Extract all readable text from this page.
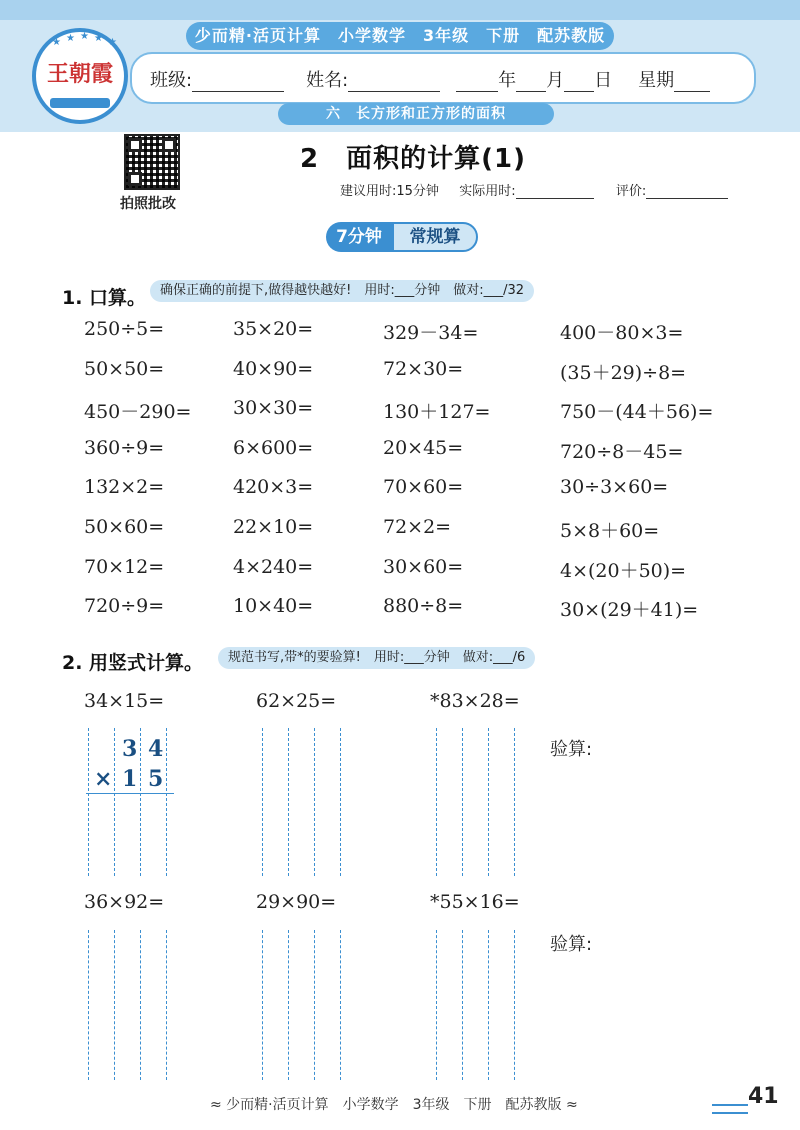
★ ★ ★ ★ ★
王朝霞
少而精·活页计算　小学数学　3年级　下册　配苏教版
班级:	姓名:	年 月 日 星期
六　长方形和正方形的面积
拍照批改
2　面积的计算(1)
建议用时:15分钟 实际用时:	评价:
7分钟	常规算
1. 口算。	确保正确的前提下,做得越快越好!　用时:___分钟　做对:___/32
250÷5=	35×20=	329－34=	400－80×3=
50×50=	40×90=	72×30=	(35＋29)÷8=
450－290= 30×30=	130＋127=	750－(44＋56)=
360÷9=	6×600=	20×45=	720÷8－45=
132×2=	420×3=	70×60=	30÷3×60=
50×60=	22×10=	72×2=	5×8＋60=
70×12=	4×240=	30×60=	4×(20＋50)=
720÷9=	10×40=	880÷8=	30×(29＋41)=
2. 用竖式计算。	规范书写,带*的要验算!　用时:___分钟　做对:___/6
34×15=	62×25=	*83×28=
验算:
3 4
× 1 5
36×92=	29×90=	*55×16=
验算:
≈ 少而精·活页计算　小学数学　3年级　下册　配苏教版 ≈	41
